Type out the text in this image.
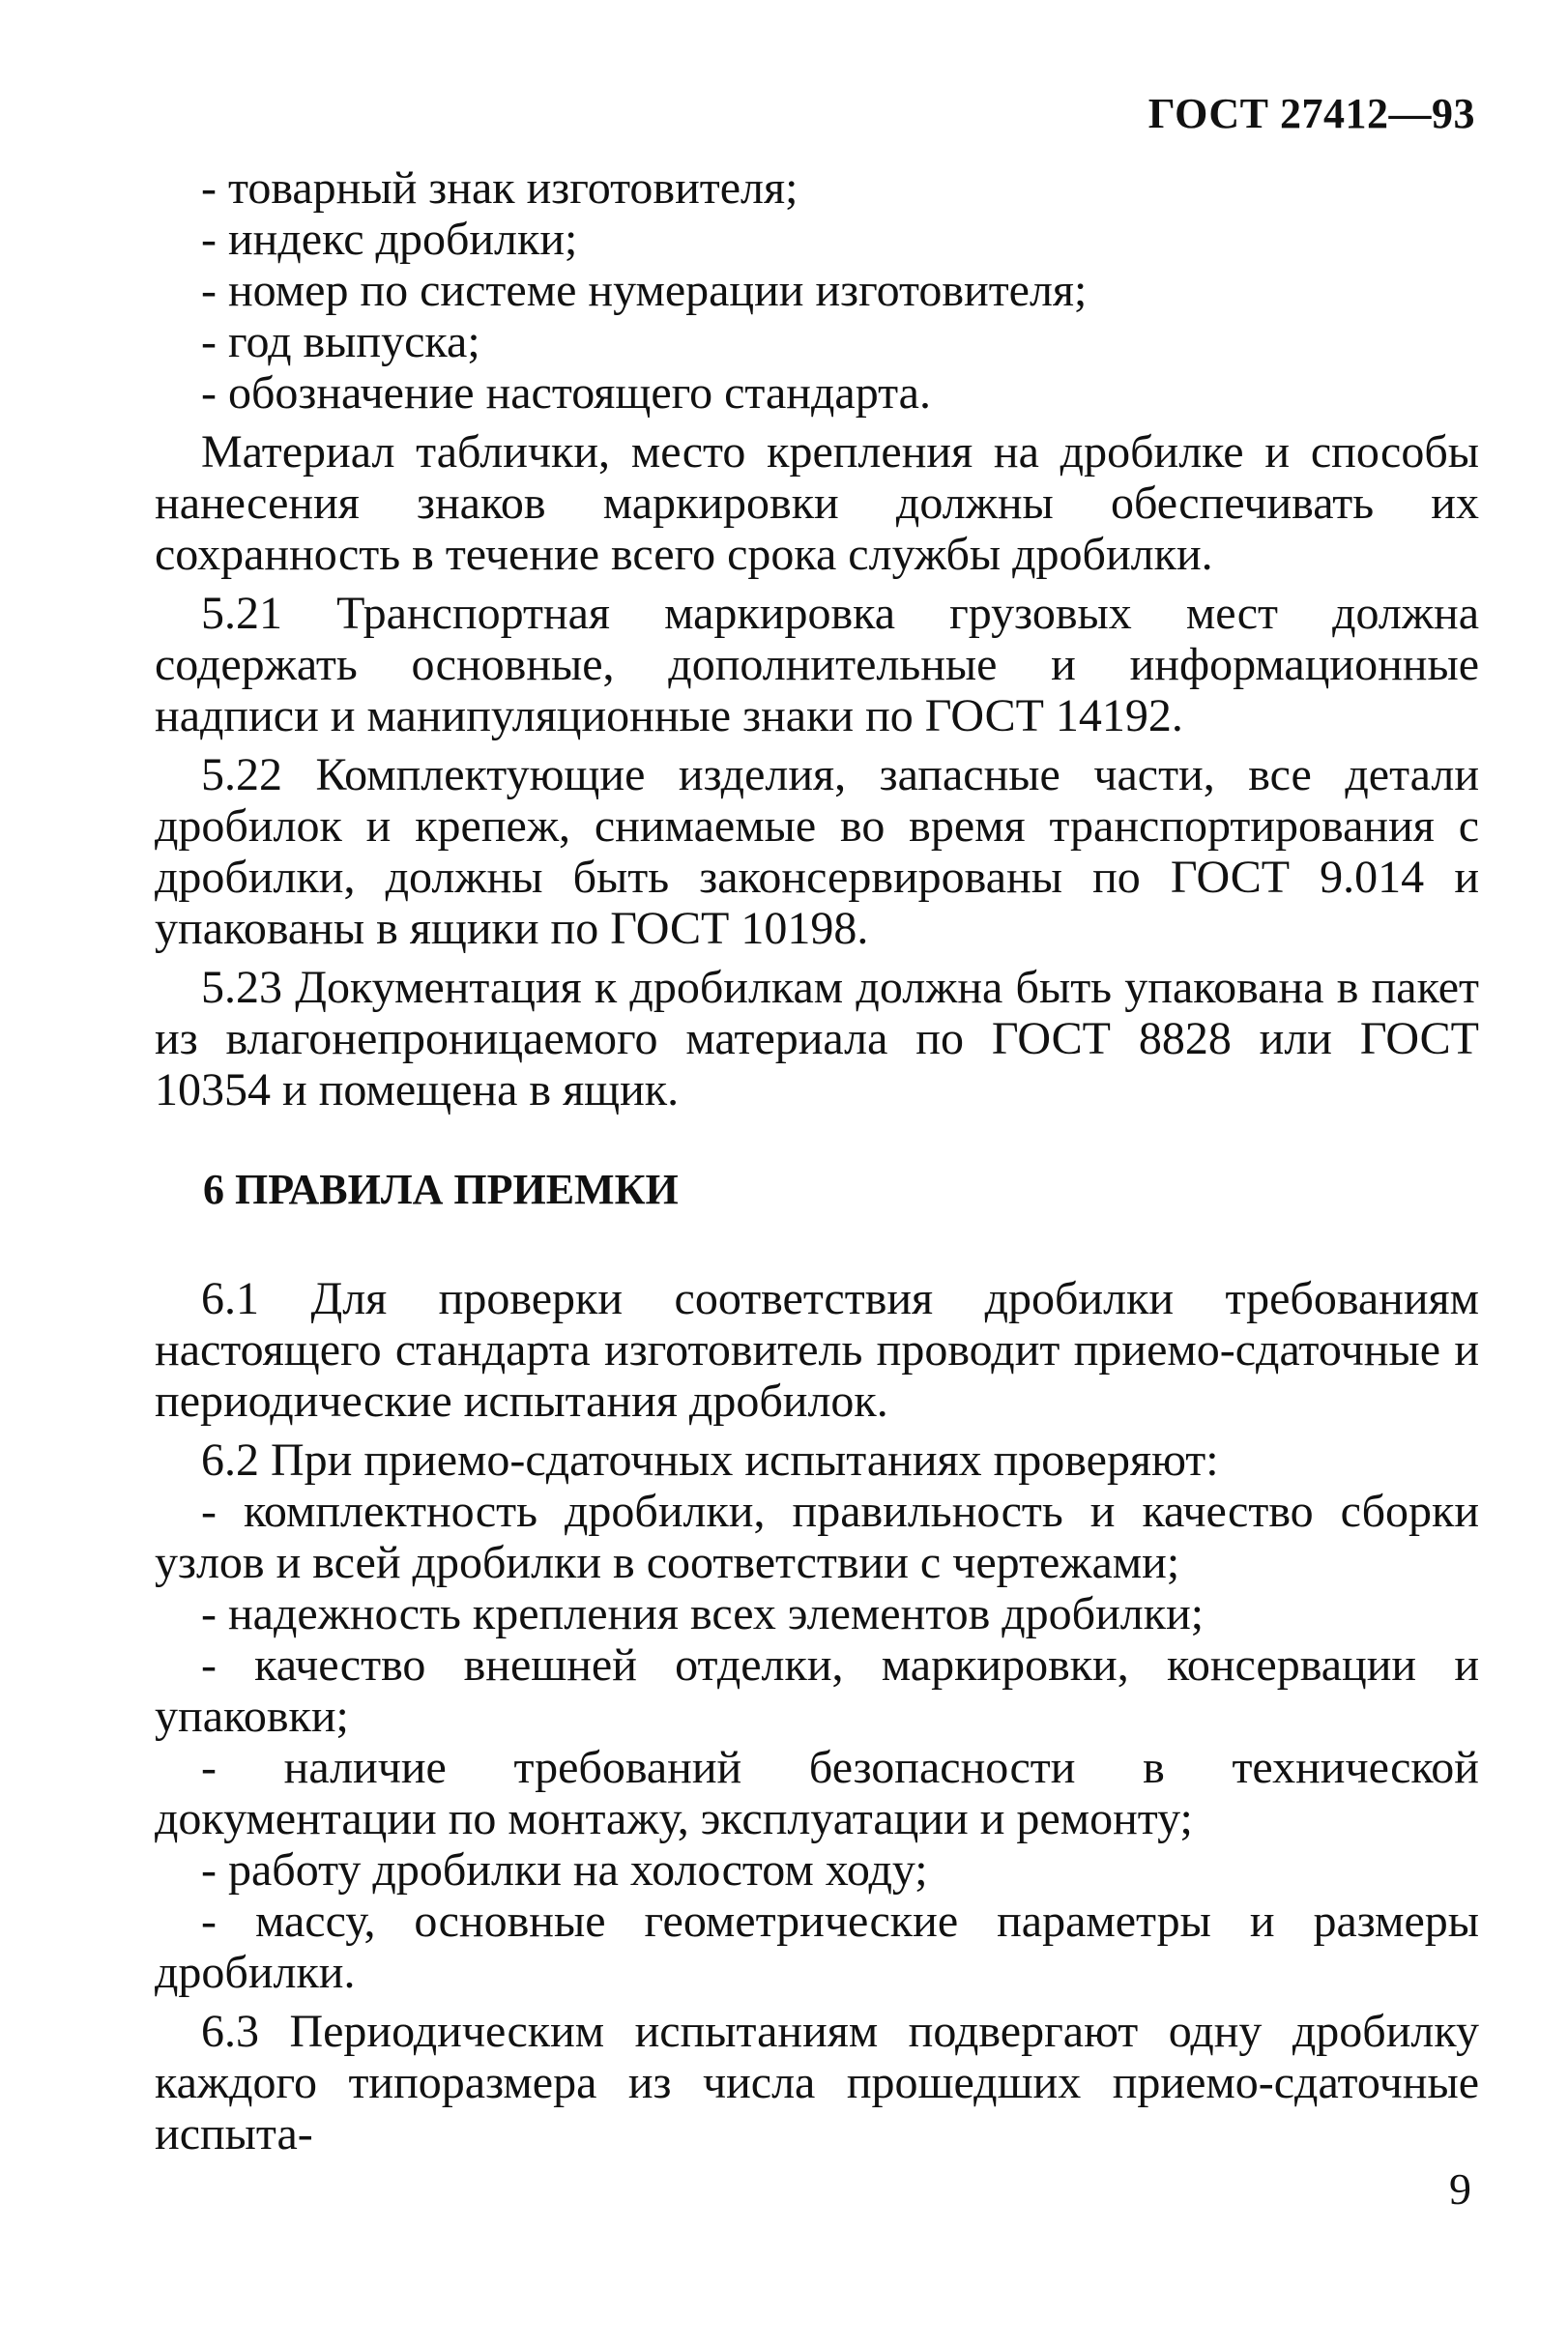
ГОСТ 27412—93

- товарный знак изготовителя;

- индекс дробилки;

- номер по системе нумерации изготовителя;

- год выпуска;

- обозначение настоящего стандарта.

Материал таблички, место крепления на дробилке и способы нанесения знаков маркировки должны обеспечивать их сохранность в течение всего срока службы дробилки.

5.21 Транспортная маркировка грузовых мест должна содержать основные, дополнительные и информационные надписи и манипуляционные знаки по ГОСТ 14192.

5.22 Комплектующие изделия, запасные части, все детали дробилок и крепеж, снимаемые во время транспортирования с дробилки, должны быть законсервированы по ГОСТ 9.014 и упакованы в ящики по ГОСТ 10198.

5.23 Документация к дробилкам должна быть упакована в пакет из влагонепроницаемого материала по ГОСТ 8828 или ГОСТ 10354 и помещена в ящик.

6 ПРАВИЛА ПРИЕМКИ

6.1 Для проверки соответствия дробилки требованиям настоящего стандарта изготовитель проводит приемо-сдаточные и периодические испытания дробилок.

6.2 При приемо-сдаточных испытаниях проверяют:

- комплектность дробилки, правильность и качество сборки узлов и всей дробилки в соответствии с чертежами;

- надежность крепления всех элементов дробилки;

- качество внешней отделки, маркировки, консервации и упаковки;

- наличие требований безопасности в технической документации по монтажу, эксплуатации и ремонту;

- работу дробилки на холостом ходу;

- массу, основные геометрические параметры и размеры дробилки.

6.3 Периодическим испытаниям подвергают одну дробилку каждого типоразмера из числа прошедших приемо-сдаточные испыта-

9
